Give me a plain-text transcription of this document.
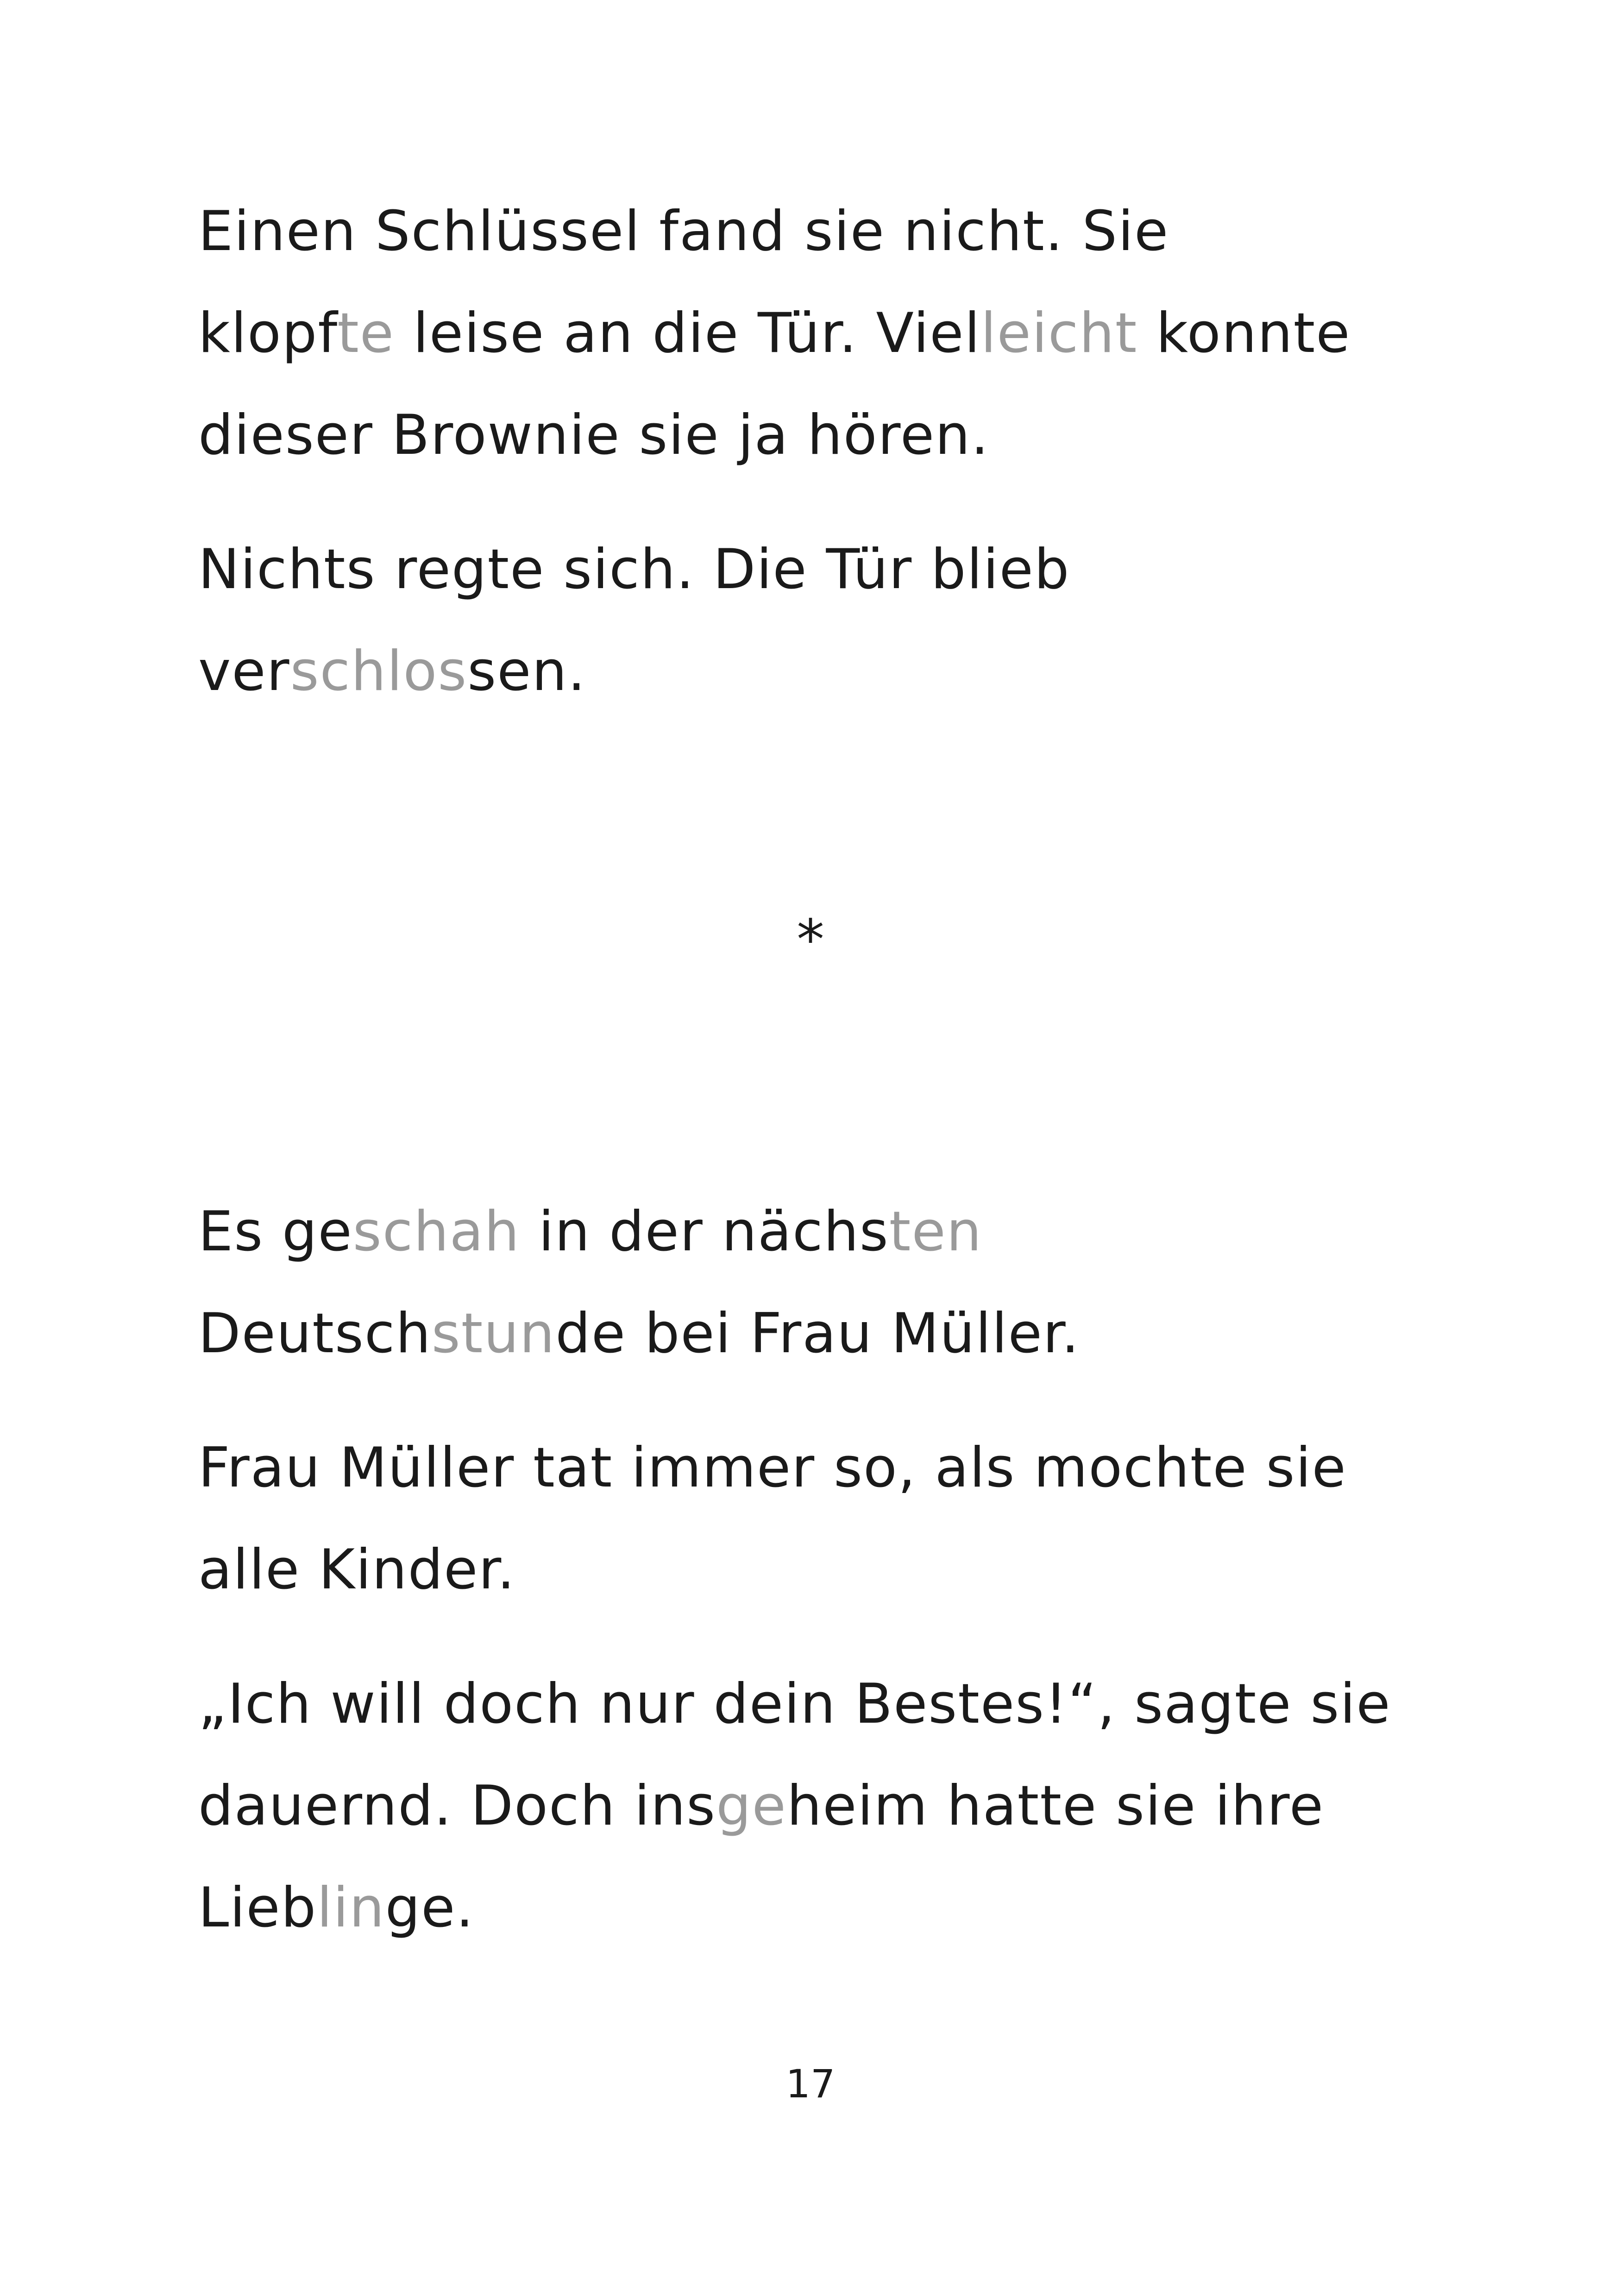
Einen Schlüssel fand sie nicht. Sie
klopfte leise an die Tür. Vielleicht konnte
dieser Brownie sie ja hören.
Nichts regte sich. Die Tür blieb
verschlossen.
*
Es geschah in der nächsten
Deutschstunde bei Frau Müller.
Frau Müller tat immer so, als mochte sie
alle Kinder.
„Ich will doch nur dein Bestes!“, sagte sie
dauernd. Doch insgeheim hatte sie ihre
Lieblinge.
17
